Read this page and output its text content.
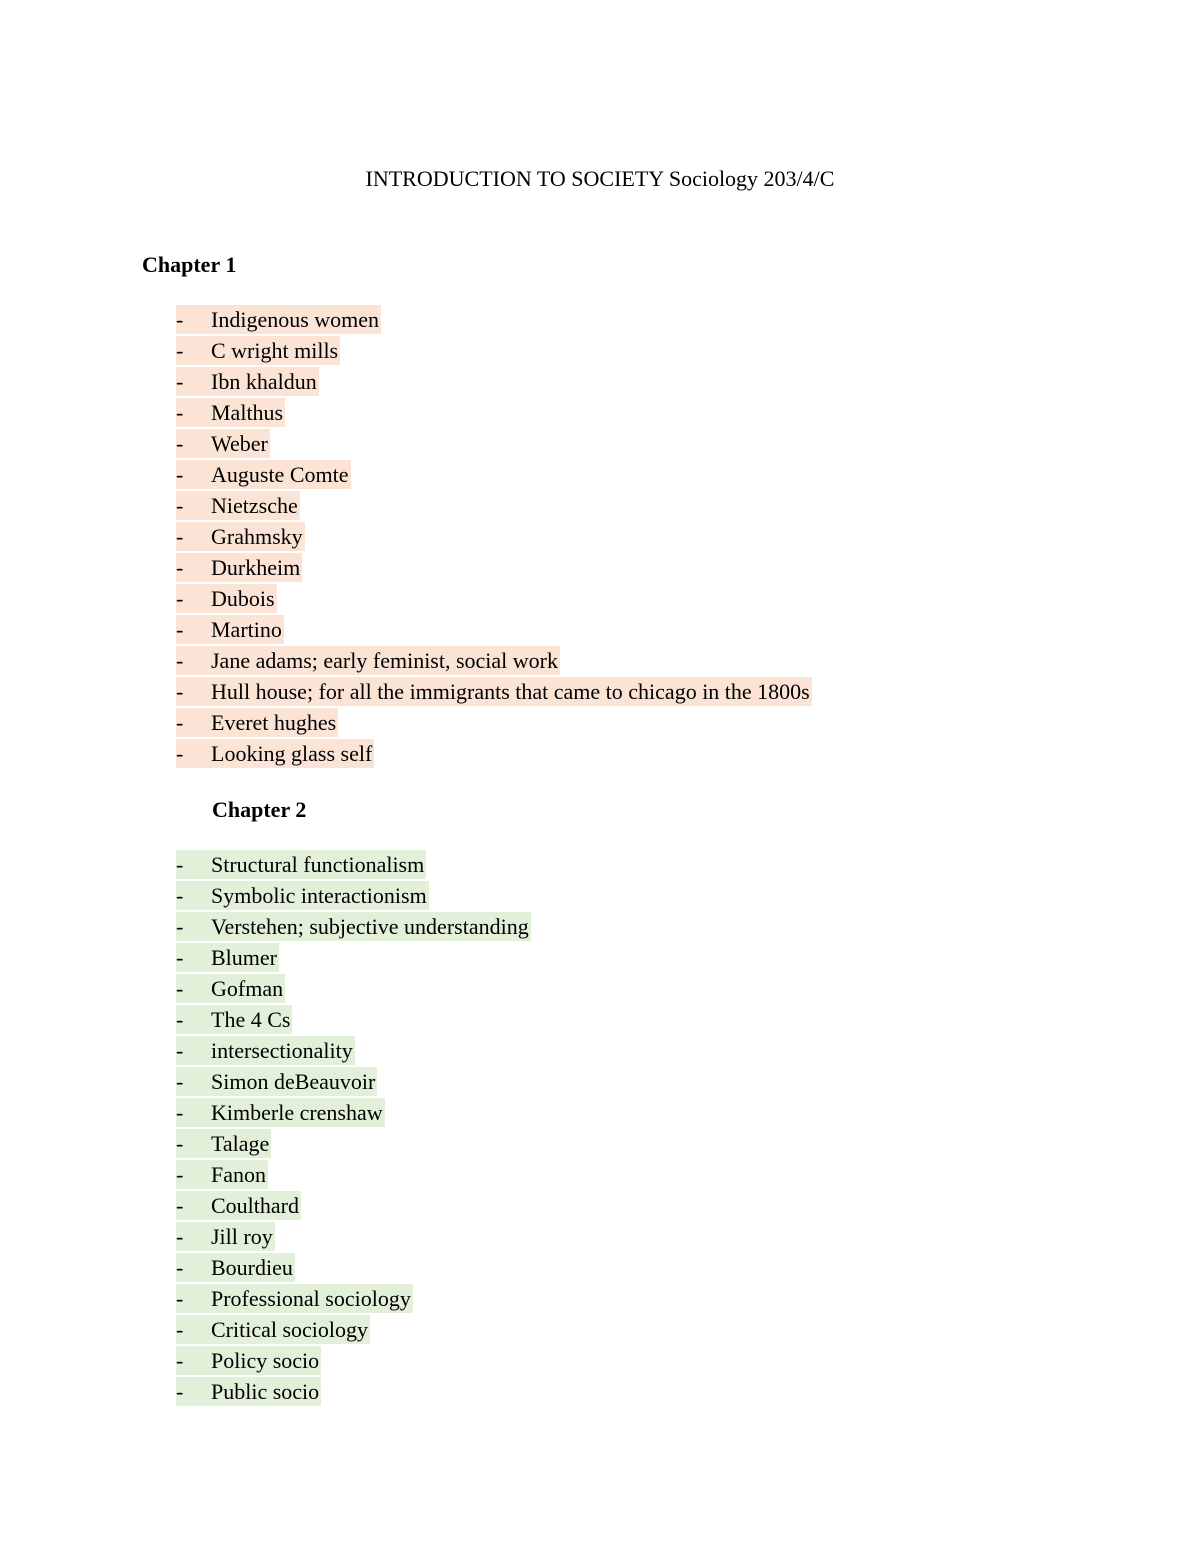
INTRODUCTION TO SOCIETY Sociology 203/4/C
Chapter 1
- Indigenous women
- C wright mills
- Ibn khaldun
- Malthus
- Weber
- Auguste Comte
- Nietzsche
- Grahmsky
- Durkheim
- Dubois
- Martino
- Jane adams; early feminist, social work
- Hull house; for all the immigrants that came to chicago in the 1800s
- Everet hughes
- Looking glass self
Chapter 2
- Structural functionalism
- Symbolic interactionism
- Verstehen; subjective understanding
- Blumer
- Gofman
- The 4 Cs
- intersectionality
- Simon deBeauvoir
- Kimberle crenshaw
- Talage
- Fanon
- Coulthard
- Jill roy
- Bourdieu
- Professional sociology
- Critical sociology
- Policy socio
- Public socio
